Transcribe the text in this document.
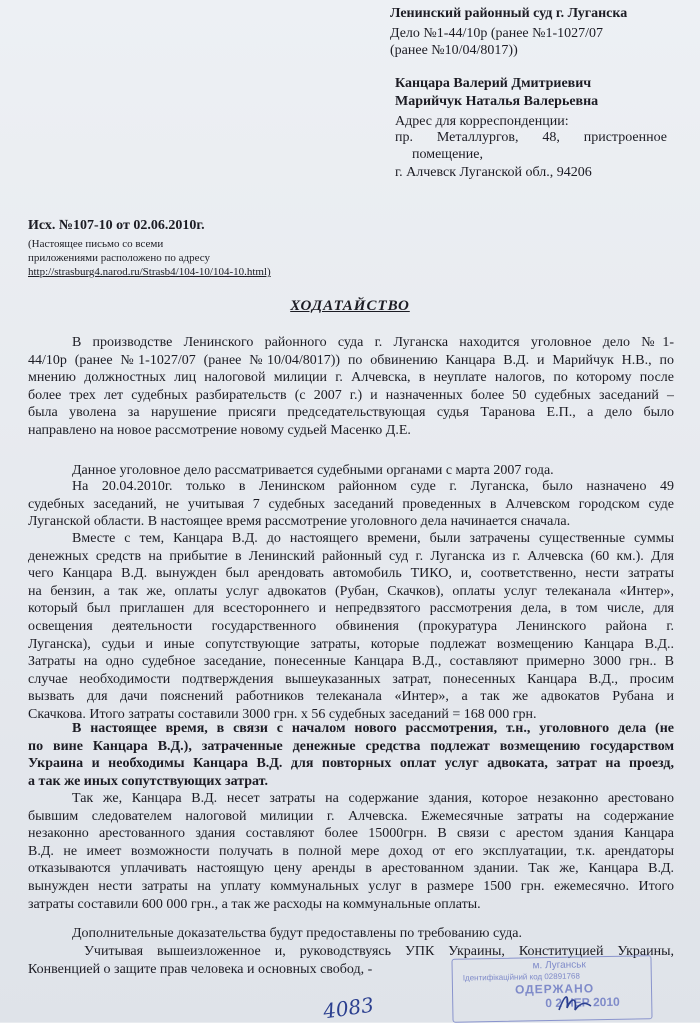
Ленинский районный суд г. Луганска
Дело №1-44/10р (ранее №1-1027/07
(ранее №10/04/8017))
Канцара Валерий Дмитриевич
Марийчук Наталья Валерьевна
Адрес для корреспонденции:
пр. Металлургов, 48, пристроенное
помещение,
г. Алчевск Луганской обл., 94206
Исх. №107-10 от 02.06.2010г.
(Настоящее письмо со всеми
приложениями расположено по адресу
http://strasburg4.narod.ru/Strasb4/104-10/104-10.html)
ХОДАТАЙСТВО
В производстве Ленинского районного суда г. Луганска находится уголовное дело №1-
44/10р (ранее №1-1027/07 (ранее №10/04/8017)) по обвинению Канцара В.Д. и Марийчук Н.В., по
мнению должностных лиц налоговой милиции г. Алчевска, в неуплате налогов, по которому после
более трех лет судебных разбирательств (с 2007 г.) и назначенных более 50 судебных заседаний –
была уволена за нарушение присяги председательствующая судья Таранова Е.П., а дело было
направлено на новое рассмотрение новому судьей Масенко Д.Е.
Данное уголовное дело рассматривается судебными органами с марта 2007 года.
На 20.04.2010г. только в Ленинском районном суде г. Луганска, было назначено 49
судебных заседаний, не учитывая 7 судебных заседаний проведенных в Алчевском городском суде
Луганской области. В настоящее время рассмотрение уголовного дела начинается сначала.
Вместе с тем, Канцара В.Д. до настоящего времени, были затрачены существенные суммы
денежных средств на прибытие в Ленинский районный суд г. Луганска из г. Алчевска (60 км.). Для
чего Канцара В.Д. вынужден был арендовать автомобиль ТИКО, и, соответственно, нести затраты
на бензин, а так же, оплаты услуг адвокатов (Рубан, Скачков), оплаты услуг телеканала «Интер»,
который был приглашен для всестороннего и непредвзятого рассмотрения дела, в том числе, для
освещения деятельности государственного обвинения (прокуратура Ленинского района г.
Луганска), судьи и иные сопутствующие затраты, которые подлежат возмещению Канцара В.Д..
Затраты на одно судебное заседание, понесенные Канцара В.Д., составляют примерно 3000 грн.. В
случае необходимости подтверждения вышеуказанных затрат, понесенных Канцара В.Д., просим
вызвать для дачи пояснений работников телеканала «Интер», а так же адвокатов Рубана и
Скачкова. Итого затраты составили 3000 грн. х 56 судебных заседаний = 168 000 грн.
В настоящее время, в связи с началом нового рассмотрения, т.н., уголовного дела (не
по вине Канцара В.Д.), затраченные денежные средства подлежат возмещению государством
Украина и необходимы Канцара В.Д. для повторных оплат услуг адвоката, затрат на проезд,
а так же иных сопутствующих затрат.
Так же, Канцара В.Д. несет затраты на содержание здания, которое незаконно арестовано
бывшим следователем налоговой милиции г. Алчевска. Ежемесячные затраты на содержание
незаконно арестованного здания составляют более 15000грн. В связи с арестом здания Канцара
В.Д. не имеет возможности получать в полной мере доход от его эксплуатации, т.к. арендаторы
отказываются уплачивать настоящую цену аренды в арестованном здании. Так же, Канцара В.Д.
вынужден нести затраты на уплату коммунальных услуг в размере 1500 грн. ежемесячно. Итого
затраты составили 600 000 грн., а так же расходы на коммунальные оплаты.
Дополнительные доказательства будут предоставлены по требованию суда.
Учитывая вышеизложенное и, руководствуясь УПК Украины, Конституцией Украины,
Конвенцией о защите прав человека и основных свобод, -	м. Луганськ
Ідентифікаційний код 02891768
ОДЕРЖАНО
0 2 ЧЕР 2010
4083
